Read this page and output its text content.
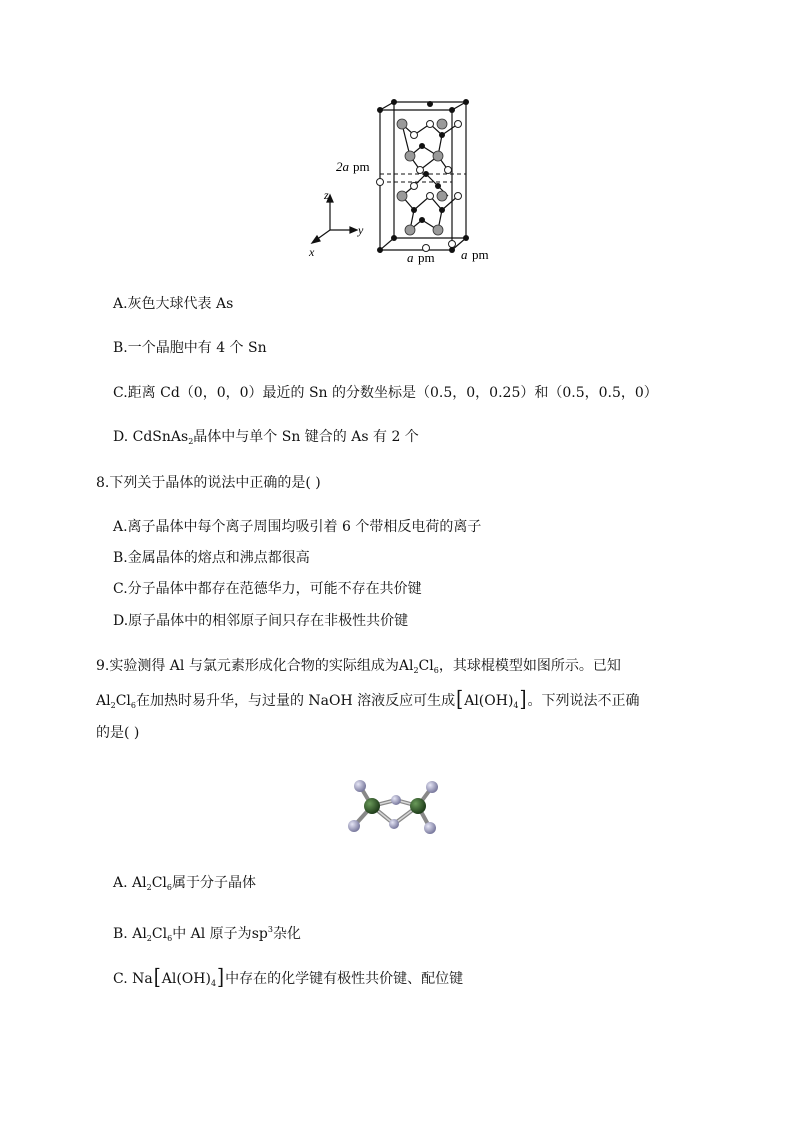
z
y
x
2a pm
a pm a pm
A.灰色大球代表 As
B.一个晶胞中有 4 个 Sn
C.距离 Cd（0，0，0）最近的 Sn 的分数坐标是（0.5，0，0.25）和（0.5，0.5，0）
D. CdSnAs$_2$晶体中与单个 Sn 键合的 As 有 2 个
8.下列关于晶体的说法中正确的是( )
A.离子晶体中每个离子周围均吸引着 6 个带相反电荷的离子
B.金属晶体的熔点和沸点都很高
C.分子晶体中都存在范德华力，可能不存在共价键
D.原子晶体中的相邻原子间只存在非极性共价键
9.实验测得 Al 与氯元素形成化合物的实际组成为$Al_2Cl_6$，其球棍模型如图所示。已知
$Al_2Cl_6$在加热时易升华，与过量的 NaOH 溶液反应可生成$[Al(OH)_4]$。下列说法不正确
的是( )
A. $Al_2Cl_6$属于分子晶体
B. $Al_2Cl_6$中 Al 原子为$sp^3$杂化
C. $Na[Al(OH)_4]$中存在的化学键有极性共价键、配位键
